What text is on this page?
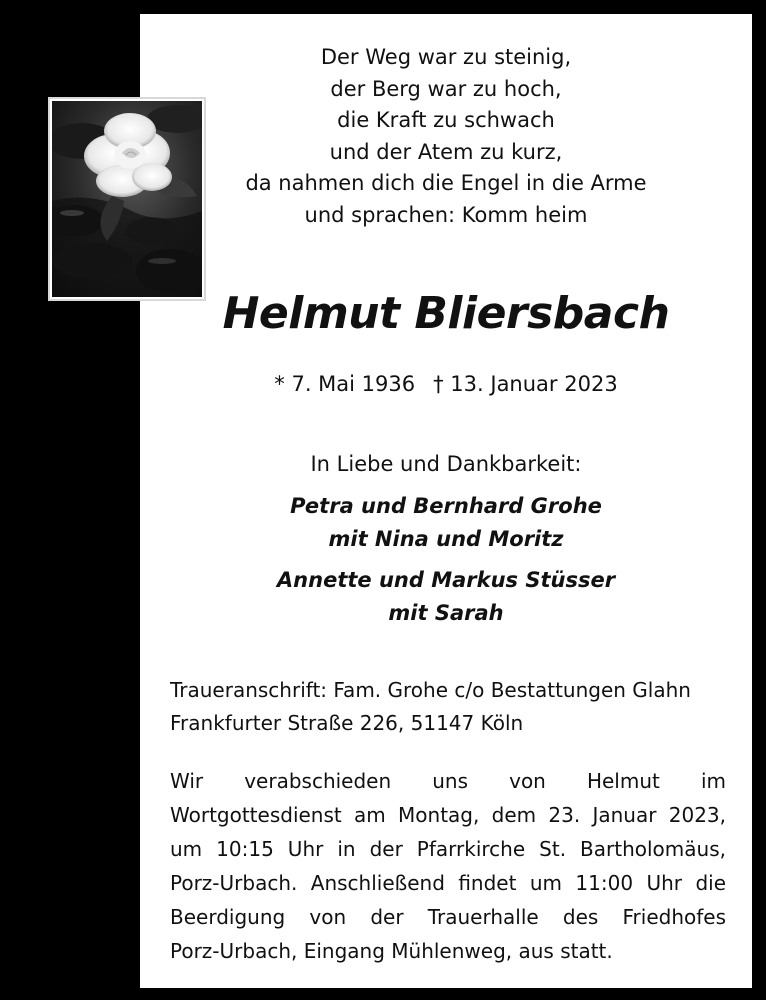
Der Weg war zu steinig,
der Berg war zu hoch,
die Kraft zu schwach
und der Atem zu kurz,
da nahmen dich die Engel in die Arme
und sprachen: Komm heim
Helmut Bliersbach
* 7. Mai 1936 † 13. Januar 2023
In Liebe und Dankbarkeit:
Petra und Bernhard Grohe
mit Nina und Moritz
Annette und Markus Stüsser
mit Sarah
Traueranschrift: Fam. Grohe c/o Bestattungen Glahn
Frankfurter Straße 226, 51147 Köln
Wir verabschieden uns von Helmut im
Wortgottesdienst am Montag, dem 23. Januar 2023,
um 10:15 Uhr in der Pfarrkirche St. Bartholomäus,
Porz-Urbach. Anschließend findet um 11:00 Uhr die
Beerdigung von der Trauerhalle des Friedhofes
Porz-Urbach, Eingang Mühlenweg, aus statt.
